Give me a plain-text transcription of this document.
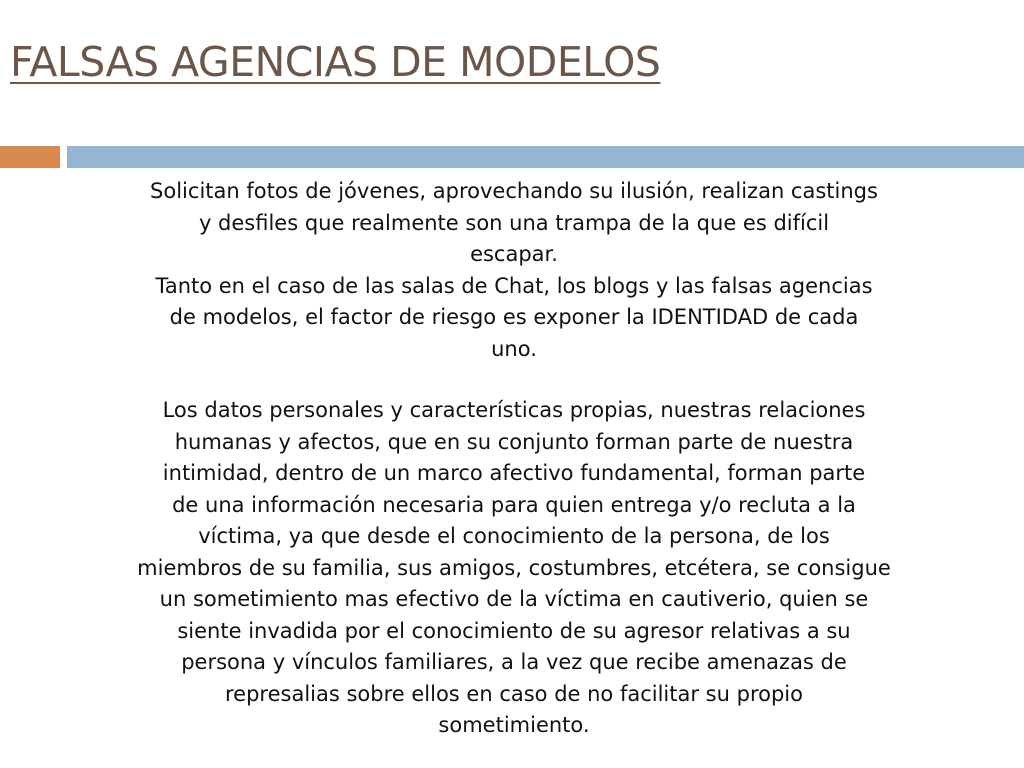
FALSAS AGENCIAS DE MODELOS

Solicitan fotos de jóvenes, aprovechando su ilusión, realizan castings
y desfiles que realmente son una trampa de la que es difícil
escapar.

Tanto en el caso de las salas de Chat, los blogs y las falsas agencias
de modelos, el factor de riesgo es exponer la IDENTIDAD de cada
uno.

Los datos personales y características propias, nuestras relaciones
humanas y afectos, que en su conjunto forman parte de nuestra
intimidad, dentro de un marco afectivo fundamental, forman parte
de una información necesaria para quien entrega y/o recluta a la
víctima, ya que desde el conocimiento de la persona, de los
miembros de su familia, sus amigos, costumbres, etcétera, se consigue
un sometimiento mas efectivo de la víctima en cautiverio, quien se
siente invadida por el conocimiento de su agresor relativas a su
persona y vínculos familiares, a la vez que recibe amenazas de
represalias sobre ellos en caso de no facilitar su propio
sometimiento.
